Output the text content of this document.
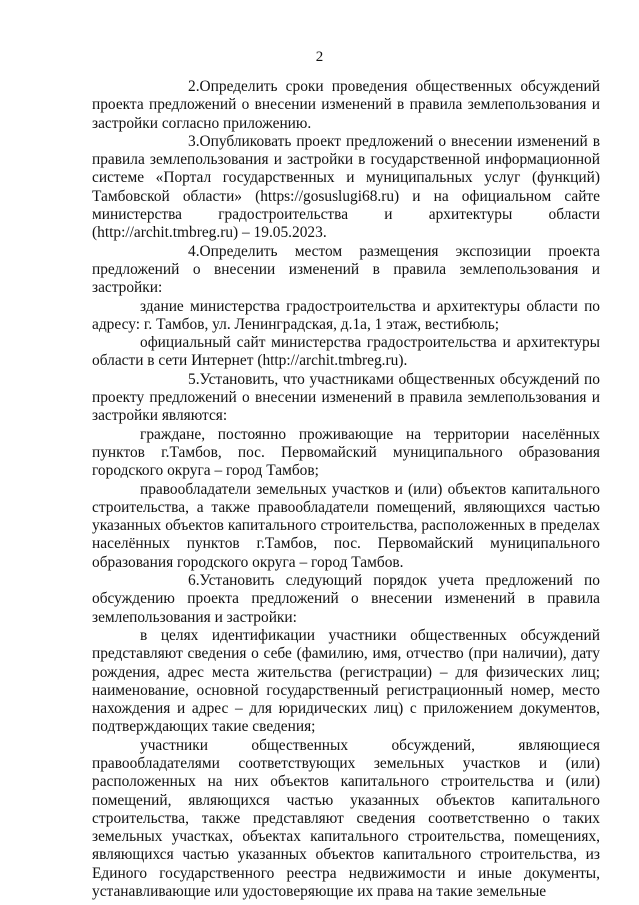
2

2.Определить сроки проведения общественных обсуждений проекта предложений о внесении изменений в правила землепользования и застройки согласно приложению.

3.Опубликовать проект предложений о внесении изменений в правила землепользования и застройки в государственной информационной системе «Портал государственных и муниципальных услуг (функций) Тамбовской области» (https://gosuslugi68.ru) и на официальном сайте министерства градостроительства и архитектуры области (http://archit.tmbreg.ru) – 19.05.2023.

4.Определить местом размещения экспозиции проекта предложений о внесении изменений в правила землепользования и застройки:

здание министерства градостроительства и архитектуры области по адресу: г. Тамбов, ул. Ленинградская, д.1а, 1 этаж, вестибюль;

официальный сайт министерства градостроительства и архитектуры области в сети Интернет (http://archit.tmbreg.ru).

5.Установить, что участниками общественных обсуждений по проекту предложений о внесении изменений в правила землепользования и застройки являются:

граждане, постоянно проживающие на территории населённых пунктов г.Тамбов, пос. Первомайский муниципального образования городского округа – город Тамбов;

правообладатели земельных участков и (или) объектов капитального строительства, а также правообладатели помещений, являющихся частью указанных объектов капитального строительства, расположенных в пределах населённых пунктов г.Тамбов, пос. Первомайский муниципального образования городского округа – город Тамбов.

6.Установить следующий порядок учета предложений по обсуждению проекта предложений о внесении изменений в правила землепользования и застройки:

в целях идентификации участники общественных обсуждений представляют сведения о себе (фамилию, имя, отчество (при наличии), дату рождения, адрес места жительства (регистрации) – для физических лиц; наименование, основной государственный регистрационный номер, место нахождения и адрес – для юридических лиц) с приложением документов, подтверждающих такие сведения;

участники общественных обсуждений, являющиеся правообладателями соответствующих земельных участков и (или) расположенных на них объектов капитального строительства и (или) помещений, являющихся частью указанных объектов капитального строительства, также представляют сведения соответственно о таких земельных участках, объектах капитального строительства, помещениях, являющихся частью указанных объектов капитального строительства, из Единого государственного реестра недвижимости и иные документы, устанавливающие или удостоверяющие их права на такие земельные
